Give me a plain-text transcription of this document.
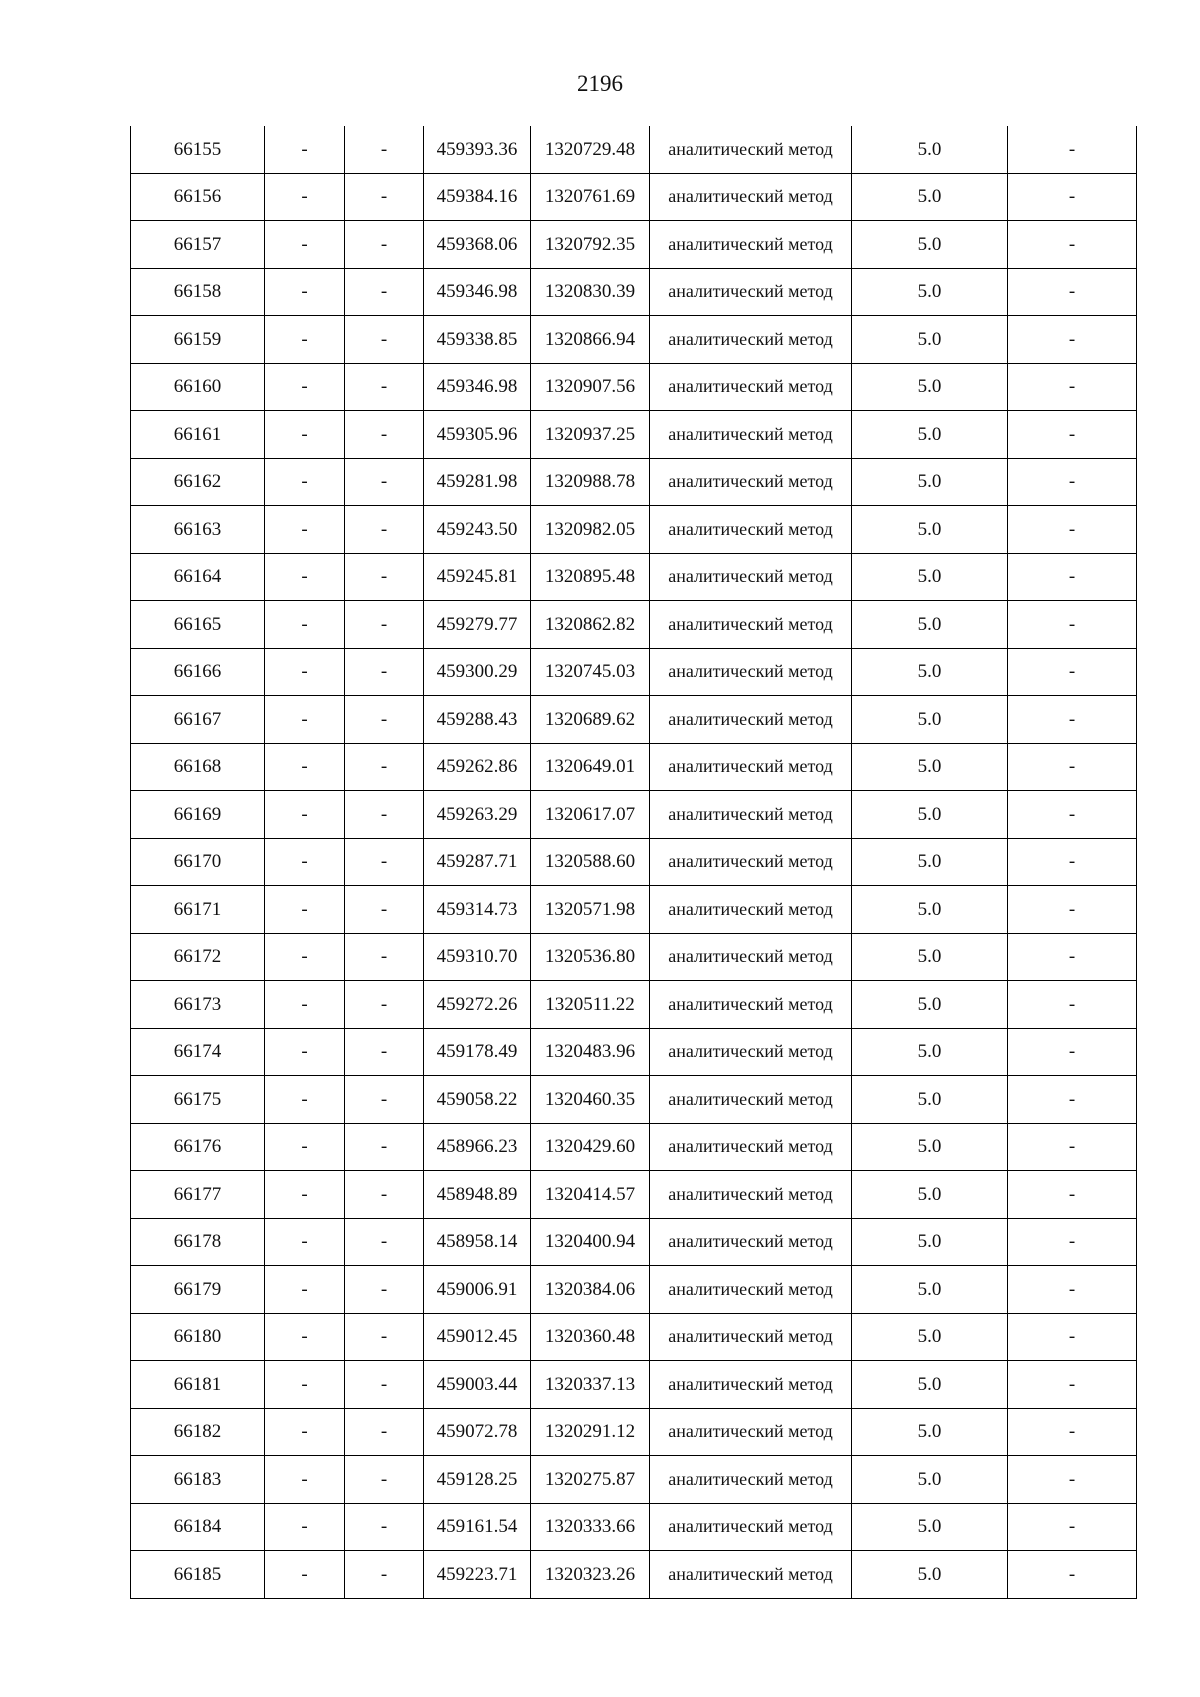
2196
66155	-	-	459393.36	1320729.48	аналитический метод	5.0	-
66156	-	-	459384.16	1320761.69	аналитический метод	5.0	-
66157	-	-	459368.06	1320792.35	аналитический метод	5.0	-
66158	-	-	459346.98	1320830.39	аналитический метод	5.0	-
66159	-	-	459338.85	1320866.94	аналитический метод	5.0	-
66160	-	-	459346.98	1320907.56	аналитический метод	5.0	-
66161	-	-	459305.96	1320937.25	аналитический метод	5.0	-
66162	-	-	459281.98	1320988.78	аналитический метод	5.0	-
66163	-	-	459243.50	1320982.05	аналитический метод	5.0	-
66164	-	-	459245.81	1320895.48	аналитический метод	5.0	-
66165	-	-	459279.77	1320862.82	аналитический метод	5.0	-
66166	-	-	459300.29	1320745.03	аналитический метод	5.0	-
66167	-	-	459288.43	1320689.62	аналитический метод	5.0	-
66168	-	-	459262.86	1320649.01	аналитический метод	5.0	-
66169	-	-	459263.29	1320617.07	аналитический метод	5.0	-
66170	-	-	459287.71	1320588.60	аналитический метод	5.0	-
66171	-	-	459314.73	1320571.98	аналитический метод	5.0	-
66172	-	-	459310.70	1320536.80	аналитический метод	5.0	-
66173	-	-	459272.26	1320511.22	аналитический метод	5.0	-
66174	-	-	459178.49	1320483.96	аналитический метод	5.0	-
66175	-	-	459058.22	1320460.35	аналитический метод	5.0	-
66176	-	-	458966.23	1320429.60	аналитический метод	5.0	-
66177	-	-	458948.89	1320414.57	аналитический метод	5.0	-
66178	-	-	458958.14	1320400.94	аналитический метод	5.0	-
66179	-	-	459006.91	1320384.06	аналитический метод	5.0	-
66180	-	-	459012.45	1320360.48	аналитический метод	5.0	-
66181	-	-	459003.44	1320337.13	аналитический метод	5.0	-
66182	-	-	459072.78	1320291.12	аналитический метод	5.0	-
66183	-	-	459128.25	1320275.87	аналитический метод	5.0	-
66184	-	-	459161.54	1320333.66	аналитический метод	5.0	-
66185	-	-	459223.71	1320323.26	аналитический метод	5.0	-
